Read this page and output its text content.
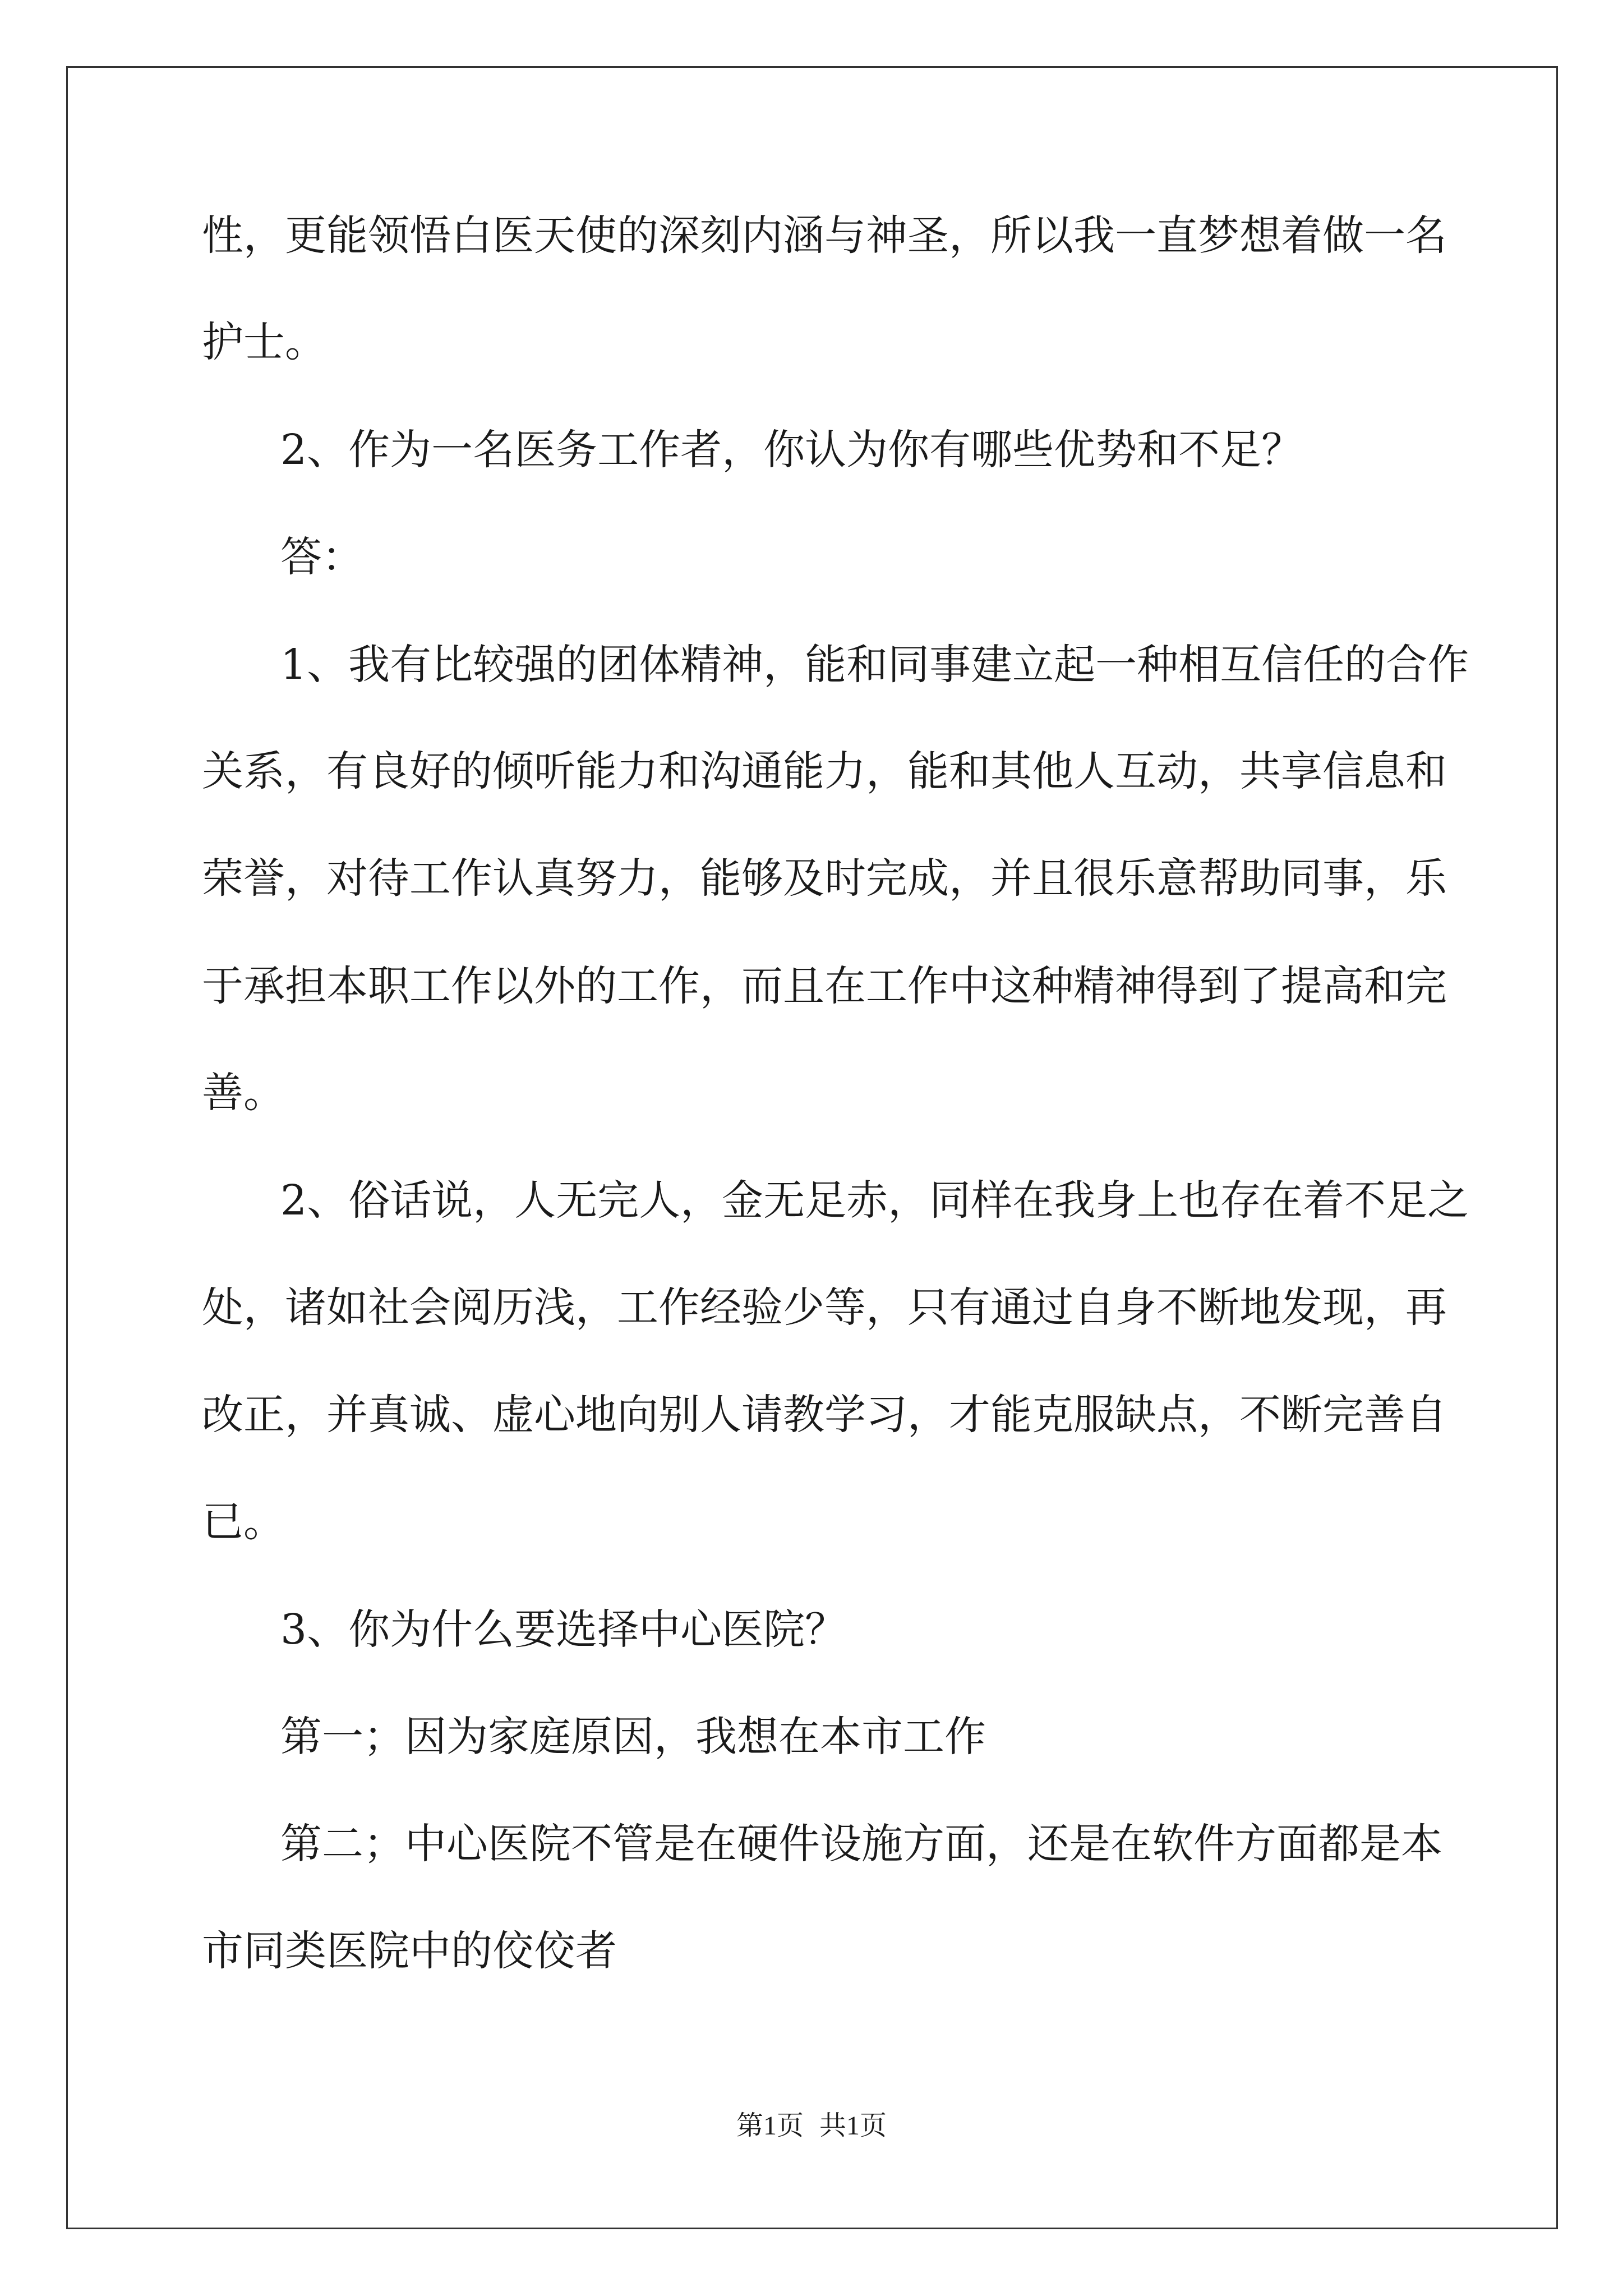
性，更能领悟白医天使的深刻内涵与神圣，所以我一直梦想着做一名
护士。
2、作为一名医务工作者，你认为你有哪些优势和不足？
答：
1、我有比较强的团体精神，能和同事建立起一种相互信任的合作
关系，有良好的倾听能力和沟通能力，能和其他人互动，共享信息和
荣誉，对待工作认真努力，能够及时完成，并且很乐意帮助同事，乐
于承担本职工作以外的工作，而且在工作中这种精神得到了提高和完
善。
2、俗话说，人无完人，金无足赤，同样在我身上也存在着不足之
处，诸如社会阅历浅，工作经验少等，只有通过自身不断地发现，再
改正，并真诚、虚心地向别人请教学习，才能克服缺点，不断完善自
已。
3、你为什么要选择中心医院？
第一；因为家庭原因，我想在本市工作
第二；中心医院不管是在硬件设施方面，还是在软件方面都是本
市同类医院中的佼佼者
第1页 共1页
